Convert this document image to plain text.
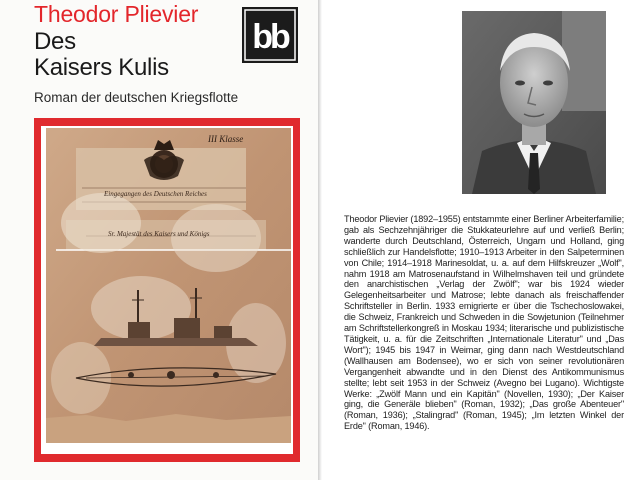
Theodor Plievier
Des
Kaisers Kulis
Roman der deutschen Kriegsflotte
bb
III Klasse
Eingegangen des Deutschen Reiches
Sr. Majestät des Kaisers und Königs

Theodor Plievier (1892–1955) entstammte einer Berliner Arbeiterfamilie; gab als Sechzehnjähriger die Stukkateurlehre auf und verließ Berlin; wanderte durch Deutschland, Österreich, Ungarn und Holland, ging schließlich zur Handelsflotte; 1910–1913 Arbeiter in den Salpeterminen von Chile; 1914–1918 Marinesoldat, u. a. auf dem Hilfskreuzer „Wolf", nahm 1918 am Matrosenaufstand in Wilhelmshaven teil und gründete den anarchistischen „Verlag der Zwölf"; war bis 1924 wieder Gelegenheitsarbeiter und Matrose; lebte danach als freischaffender Schriftsteller in Berlin. 1933 emigrierte er über die Tschechoslowakei, die Schweiz, Frankreich und Schweden in die Sowjetunion (Teilnehmer am Schriftstellerkongreß in Moskau 1934; literarische und publizistische Tätigkeit, u. a. für die Zeitschriften „Internationale Literatur" und „Das Wort"); 1945 bis 1947 in Weimar, ging dann nach Westdeutschland (Wallhausen am Bodensee), wo er sich von seiner revolutionären Vergangenheit abwandte und in den Dienst des Antikommunismus stellte; lebt seit 1953 in der Schweiz (Avegno bei Lugano). Wichtigste Werke: „Zwölf Mann und ein Kapitän" (Novellen, 1930); „Der Kaiser ging, die Generäle blieben" (Roman, 1932); „Das große Abenteuer" (Roman, 1936); „Stalingrad" (Roman, 1945); „Im letzten Winkel der Erde" (Roman, 1946).
